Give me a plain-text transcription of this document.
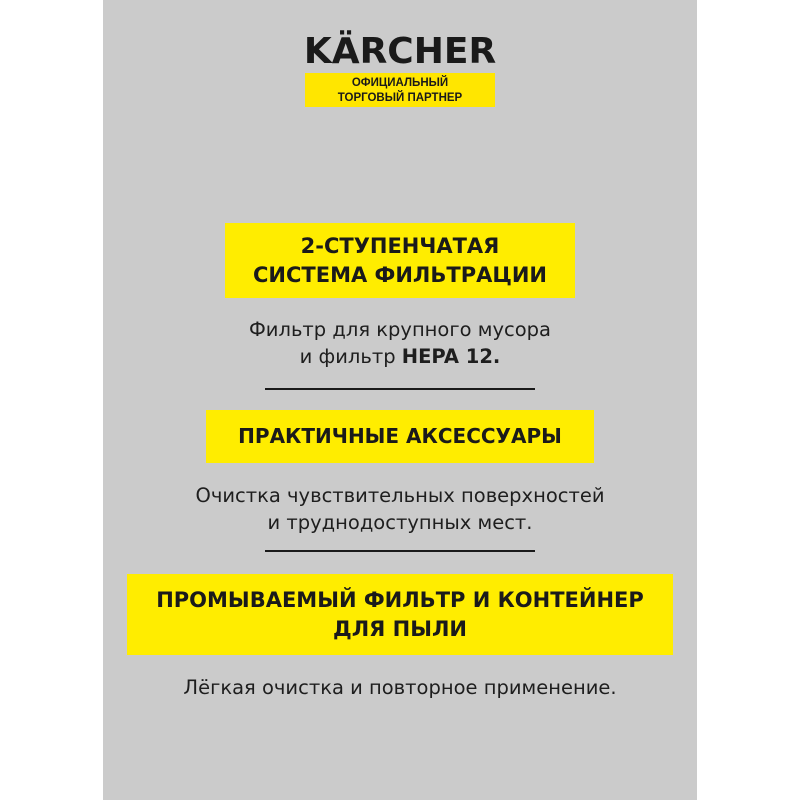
KÄRCHER
ОФИЦИАЛЬНЫЙ
ТОРГОВЫЙ ПАРТНЕР
2-СТУПЕНЧАТАЯ
СИСТЕМА ФИЛЬТРАЦИИ
Фильтр для крупного мусора
и фильтр HEPA 12.
ПРАКТИЧНЫЕ АКСЕССУАРЫ
Очистка чувствительных поверхностей
и труднодоступных мест.
ПРОМЫВАЕМЫЙ ФИЛЬТР И КОНТЕЙНЕР
ДЛЯ ПЫЛИ
Лёгкая очистка и повторное применение.
